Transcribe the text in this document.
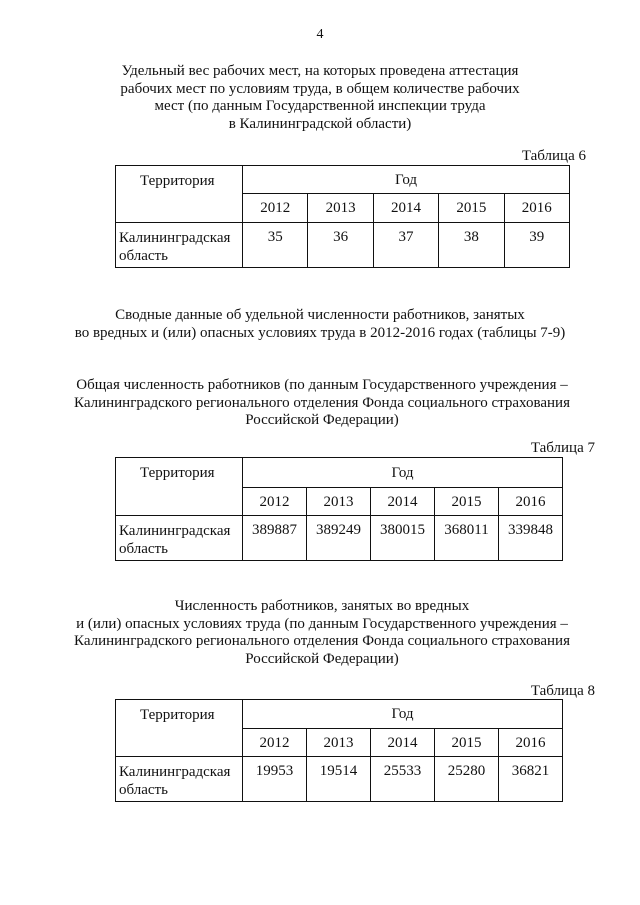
4
Удельный вес рабочих мест, на которых проведена аттестация
рабочих мест по условиям труда, в общем количестве рабочих
мест (по данным Государственной инспекции труда
в Калининградской области)
Таблица 6
Территория	Год				
	2012	2013	2014	2015	2016

Калининградская
область	35	36	37	38	39
Сводные данные об удельной численности работников, занятых
во вредных и (или) опасных условиях труда в 2012-2016 годах (таблицы 7-9)
Общая численность работников (по данным Государственного учреждения –
Калининградского регионального отделения Фонда социального страхования
Российской Федерации)
Таблица 7
Территория	Год				
	2012	2013	2014	2015	2016

Калининградская
область	389887	389249	380015	368011	339848
Численность работников, занятых во вредных
и (или) опасных условиях труда (по данным Государственного учреждения –
Калининградского регионального отделения Фонда социального страхования
Российской Федерации)
Таблица 8
Территория	Год				
	2012	2013	2014	2015	2016

Калининградская
область	19953	19514	25533	25280	36821
